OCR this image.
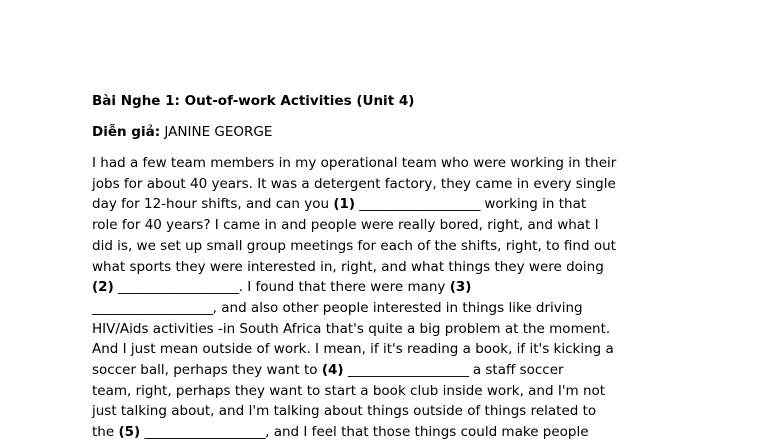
Bài Nghe 1: Out-of-work Activities (Unit 4)

Diễn giả: JANINE GEORGE
I had a few team members in my operational team who were working in their
jobs for about 40 years. It was a detergent factory, they came in every single
day for 12-hour shifts, and can you (1) ___________________ working in that
role for 40 years? I came in and people were really bored, right, and what I
did is, we set up small group meetings for each of the shifts, right, to find out
what sports they were interested in, right, and what things they were doing
(2) ___________________. I found that there were many (3)
___________________, and also other people interested in things like driving
HIV/Aids activities -in South Africa that's quite a big problem at the moment.
And I just mean outside of work. I mean, if it's reading a book, if it's kicking a
soccer ball, perhaps they want to (4) ___________________ a staff soccer
team, right, perhaps they want to start a book club inside work, and I'm not
just talking about, and I'm talking about things outside of things related to
the (5) ___________________, and I feel that those things could make people
